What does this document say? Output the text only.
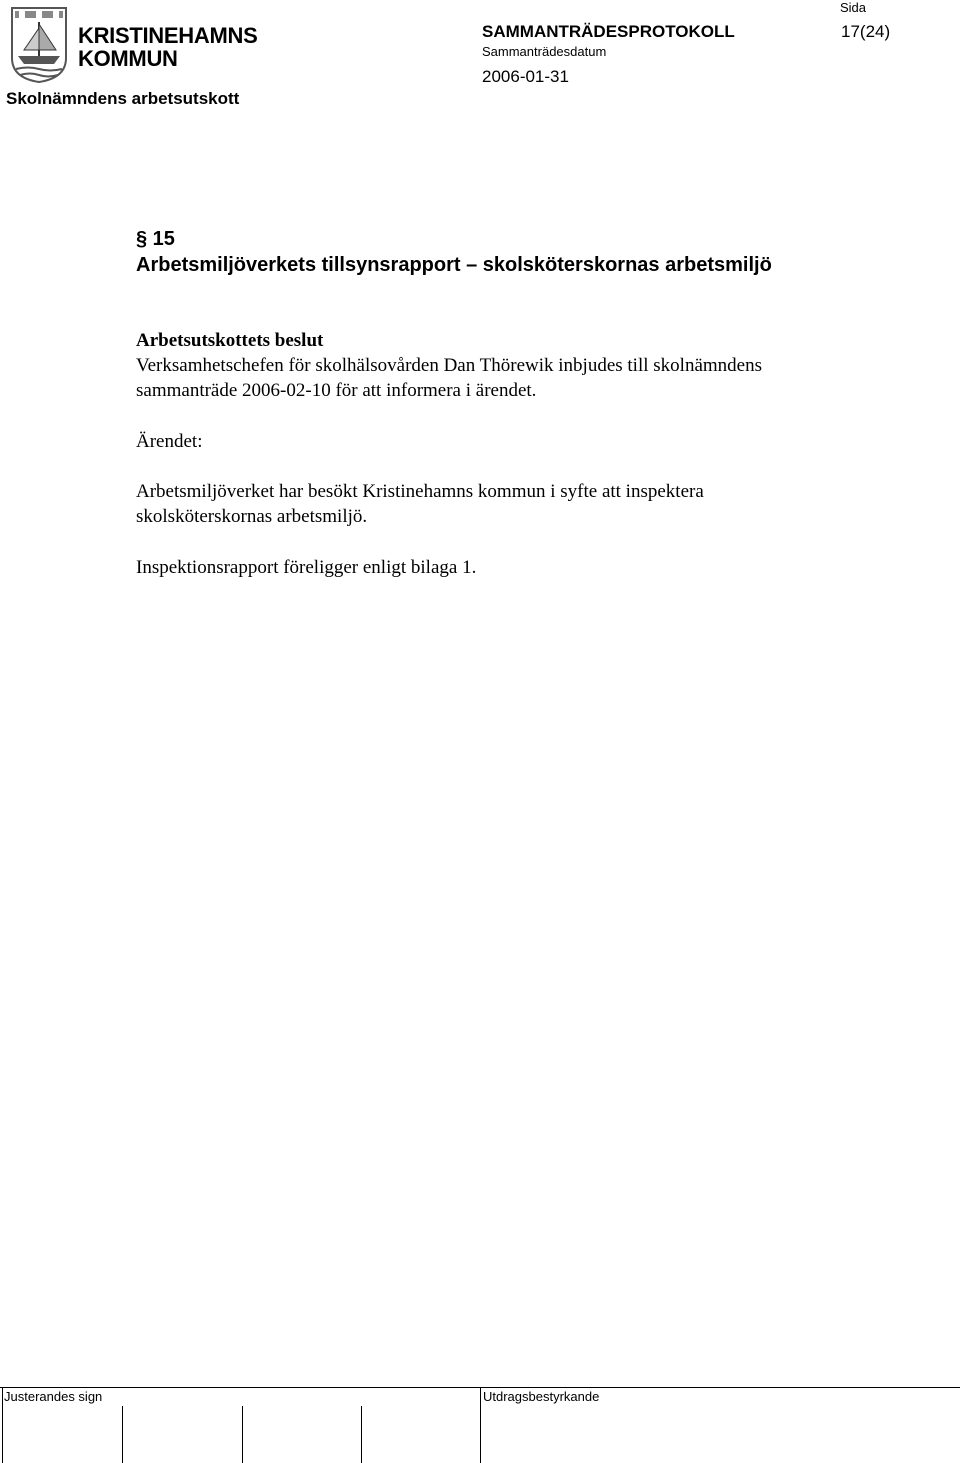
KRISTINEHAMNS
KOMMUN
Skolnämndens arbetsutskott
Sida
SAMMANTRÄDESPROTOKOLL	17(24)
Sammanträdesdatum
2006-01-31
§ 15
Arbetsmiljöverkets tillsynsrapport – skolsköterskornas arbetsmiljö
Arbetsutskottets beslut
Verksamhetschefen för skolhälsovården Dan Thörewik inbjudes till skolnämndens sammanträde 2006-02-10 för att informera i ärendet.
Ärendet:
Arbetsmiljöverket har besökt Kristinehamns kommun i syfte att inspektera skolsköterskornas arbetsmiljö.
Inspektionsrapport föreligger enligt bilaga 1.
Justerandes sign	Utdragsbestyrkande
